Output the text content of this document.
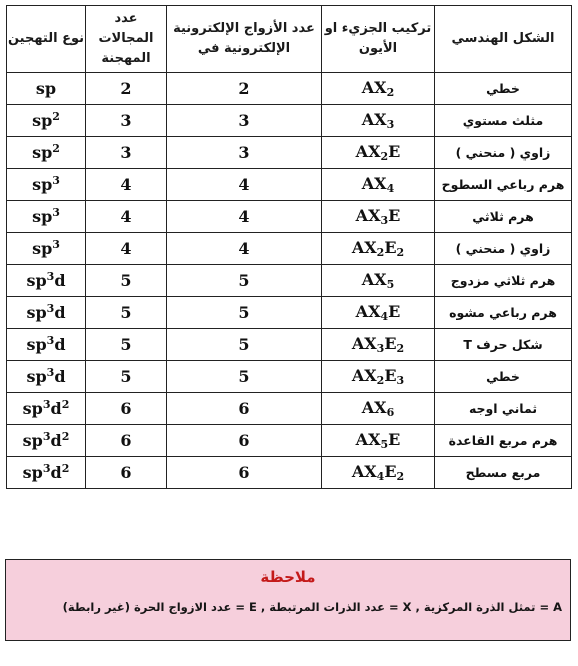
الشكل الهندسي	تركيب الجزيء او الأيون	عدد الأزواج الإلكترونية الإلكترونية في	عدد المجالات المهجنة	نوع التهجين
خطي	$AX_2$	2	2	sp
مثلث مستوي	$AX_3$	3	3	$sp^2$
زاوي ( منحني )	$AX_2E$	3	3	$sp^2$
هرم رباعي السطوح	$AX_4$	4	4	$sp^3$
هرم ثلاثي	$AX_3E$	4	4	$sp^3$
زاوي ( منحني )	$AX_2E_2$	4	4	$sp^3$
هرم ثلاثي مزدوج	$AX_5$	5	5	$sp^3d$
هرم رباعي مشوه	$AX_4E$	5	5	$sp^3d$
شكل حرف T	$AX_3E_2$	5	5	$sp^3d$
خطي	$AX_2E_3$	5	5	$sp^3d$
ثماني اوجه	$AX_6$	6	6	$sp^3d^2$
هرم مربع القاعدة	$AX_5E$	6	6	$sp^3d^2$
مربع مسطح	$AX_4E_2$	6	6	$sp^3d^2$
ملاحظة
A = تمثل الذرة المركزية , X = عدد الذرات المرتبطة , E = عدد الازواج الحرة (غير رابطة)
